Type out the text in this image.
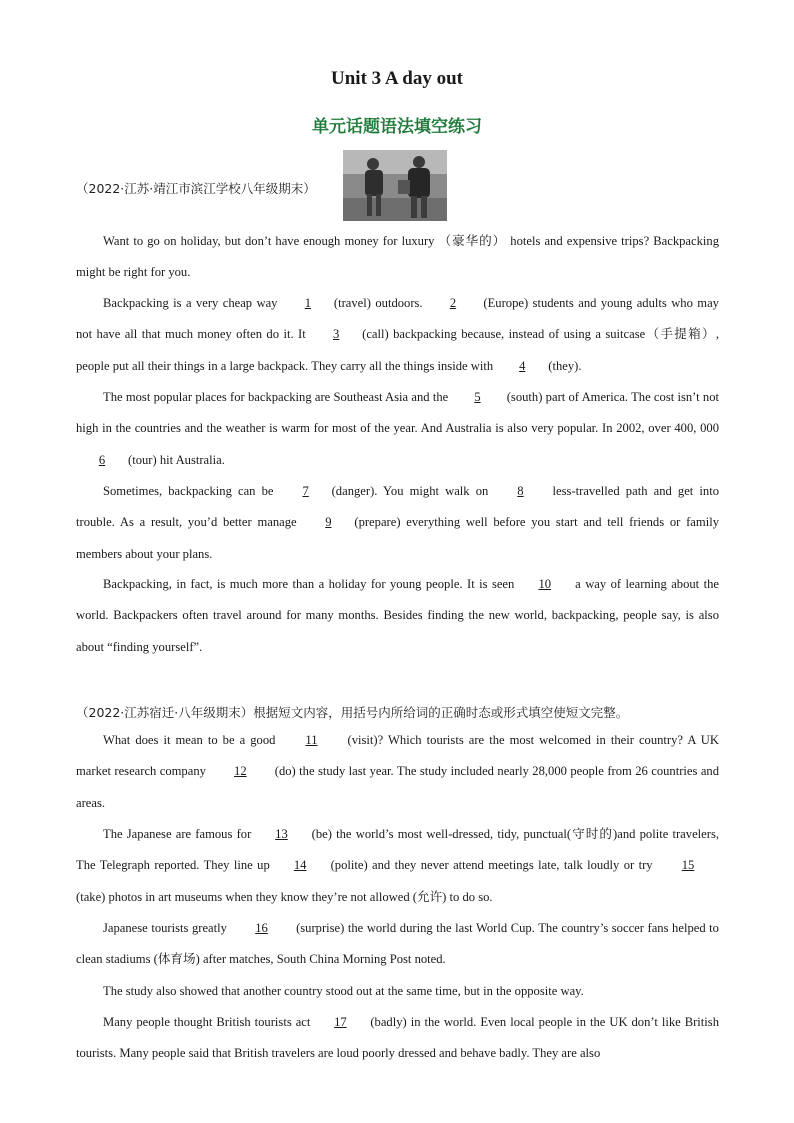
Unit 3 A day out
单元话题语法填空练习
（2022·江苏·靖江市滨江学校八年级期末）

Want to go on holiday, but don’t have enough money for luxury （豪华的） hotels and expensive trips? Backpacking might be right for you.

Backpacking is a very cheap way 1 (travel) outdoors. 2 (Europe) students and young adults who may not have all that much money often do it. It 3 (call) backpacking because, instead of using a suitcase（手提箱）, people put all their things in a large backpack. They carry all the things inside with 4 (they).

The most popular places for backpacking are Southeast Asia and the 5 (south) part of America. The cost isn’t not high in the countries and the weather is warm for most of the year. And Australia is also very popular. In 2002, over 400, 000 6 (tour) hit Australia.

Sometimes, backpacking can be 7 (danger). You might walk on 8 less-travelled path and get into trouble. As a result, you’d better manage 9 (prepare) everything well before you start and tell friends or family members about your plans.

Backpacking, in fact, is much more than a holiday for young people. It is seen 10 a way of learning about the world. Backpackers often travel around for many months. Besides finding the new world, backpacking, people say, is also about “finding yourself”.

（2022·江苏宿迁·八年级期末）根据短文内容，用括号内所给词的正确时态或形式填空使短文完整。

What does it mean to be a good 11 (visit)? Which tourists are the most welcomed in their country? A UK market research company 12 (do) the study last year. The study included nearly 28,000 people from 26 countries and areas.

The Japanese are famous for 13 (be) the world’s most well-dressed, tidy, punctual(守时的)and polite travelers, The Telegraph reported. They line up 14 (polite) and they never attend meetings late, talk loudly or try 15 (take) photos in art museums when they know they’re not allowed (允许) to do so.

Japanese tourists greatly 16 (surprise) the world during the last World Cup. The country’s soccer fans helped to clean stadiums (体育场) after matches, South China Morning Post noted.

The study also showed that another country stood out at the same time, but in the opposite way.

Many people thought British tourists act 17 (badly) in the world. Even local people in the UK don’t like British tourists. Many people said that British travelers are loud poorly dressed and behave badly. They are also
